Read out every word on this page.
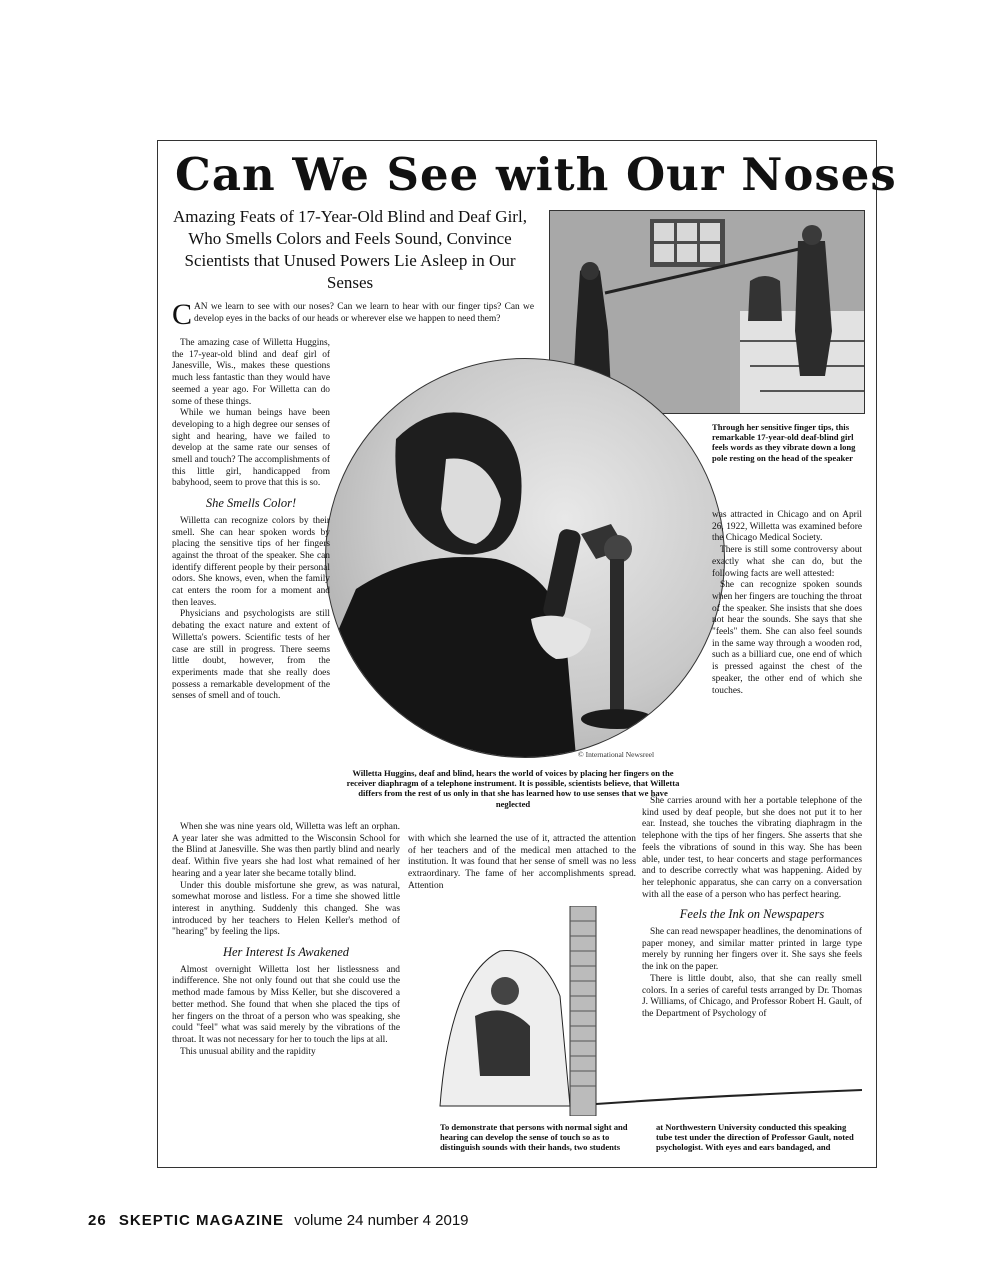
Can We See with Our Noses
Amazing Feats of 17-Year-Old Blind and Deaf Girl, Who Smells Colors and Feels Sound, Convince Scientists that Unused Powers Lie Asleep in Our Senses
Through her sensitive finger tips, this remarkable 17-year-old deaf-blind girl feels words as they vibrate down a long pole resting on the head of the speaker
© International Newsreel
Willetta Huggins, deaf and blind, hears the world of voices by placing her fingers on the receiver diaphragm of a telephone instrument. It is possible, scientists believe, that Willetta differs from the rest of us only in that she has learned how to use senses that we have neglected

CAN we learn to see with our noses? Can we learn to hear with our finger tips? Can we develop eyes in the backs of our heads or wherever else we happen to need them?

The amazing case of Willetta Huggins, the 17-year-old blind and deaf girl of Janesville, Wis., makes these questions much less fantastic than they would have seemed a year ago. For Willetta can do some of these things.

While we human beings have been developing to a high degree our senses of sight and hearing, have we failed to develop at the same rate our senses of smell and touch? The accomplishments of this little girl, handicapped from babyhood, seem to prove that this is so.

She Smells Color!

Willetta can recognize colors by their smell. She can hear spoken words by placing the sensitive tips of her fingers against the throat of the speaker. She can identify different people by their personal odors. She knows, even, when the family cat enters the room for a moment and then leaves.

Physicians and psychologists are still debating the exact nature and extent of Willetta's powers. Scientific tests of her case are still in progress. There seems little doubt, however, from the experiments made that she really does possess a remarkable development of the senses of smell and of touch.

When she was nine years old, Willetta was left an orphan. A year later she was admitted to the Wisconsin School for the Blind at Janesville. She was then partly blind and nearly deaf. Within five years she had lost what remained of her hearing and a year later she became totally blind.

Under this double misfortune she grew, as was natural, somewhat morose and listless. For a time she showed little interest in anything. Suddenly this changed. She was introduced by her teachers to Helen Keller's method of "hearing" by feeling the lips.

Her Interest Is Awakened

Almost overnight Willetta lost her listlessness and indifference. She not only found out that she could use the method made famous by Miss Keller, but she discovered a better method. She found that when she placed the tips of her fingers on the throat of a person who was speaking, she could "feel" what was said merely by the vibrations of the throat. It was not necessary for her to touch the lips at all.

This unusual ability and the rapidity

with which she learned the use of it, attracted the attention of her teachers and of the medical men attached to the institution. It was found that her sense of smell was no less extraordinary. The fame of her accomplishments spread. Attention

was attracted in Chicago and on April 26, 1922, Willetta was examined before the Chicago Medical Society.

There is still some controversy about exactly what she can do, but the following facts are well attested:

She can recognize spoken sounds when her fingers are touching the throat of the speaker. She insists that she does not hear the sounds. She says that she "feels" them. She can also feel sounds in the same way through a wooden rod, such as a billiard cue, one end of which is pressed against the chest of the speaker, the other end of which she touches.

She carries around with her a portable telephone of the kind used by deaf people, but she does not put it to her ear. Instead, she touches the vibrating diaphragm in the telephone with the tips of her fingers. She asserts that she feels the vibrations of sound in this way. She has been able, under test, to hear concerts and stage performances and to describe correctly what was happening. Aided by her telephonic apparatus, she can carry on a conversation with all the ease of a person who has perfect hearing.

Feels the Ink on Newspapers

She can read newspaper headlines, the denominations of paper money, and similar matter printed in large type merely by running her fingers over it. She says she feels the ink on the paper.

There is little doubt, also, that she can really smell colors. In a series of careful tests arranged by Dr. Thomas J. Williams, of Chicago, and Professor Robert H. Gault, of the Department of Psychology of

To demonstrate that persons with normal sight and hearing can develop the sense of touch so as to distinguish sounds with their hands, two students
at Northwestern University conducted this speaking tube test under the direction of Professor Gault, noted psychologist. With eyes and ears bandaged, and
26 SKEPTIC MAGAZINE volume 24 number 4 2019
